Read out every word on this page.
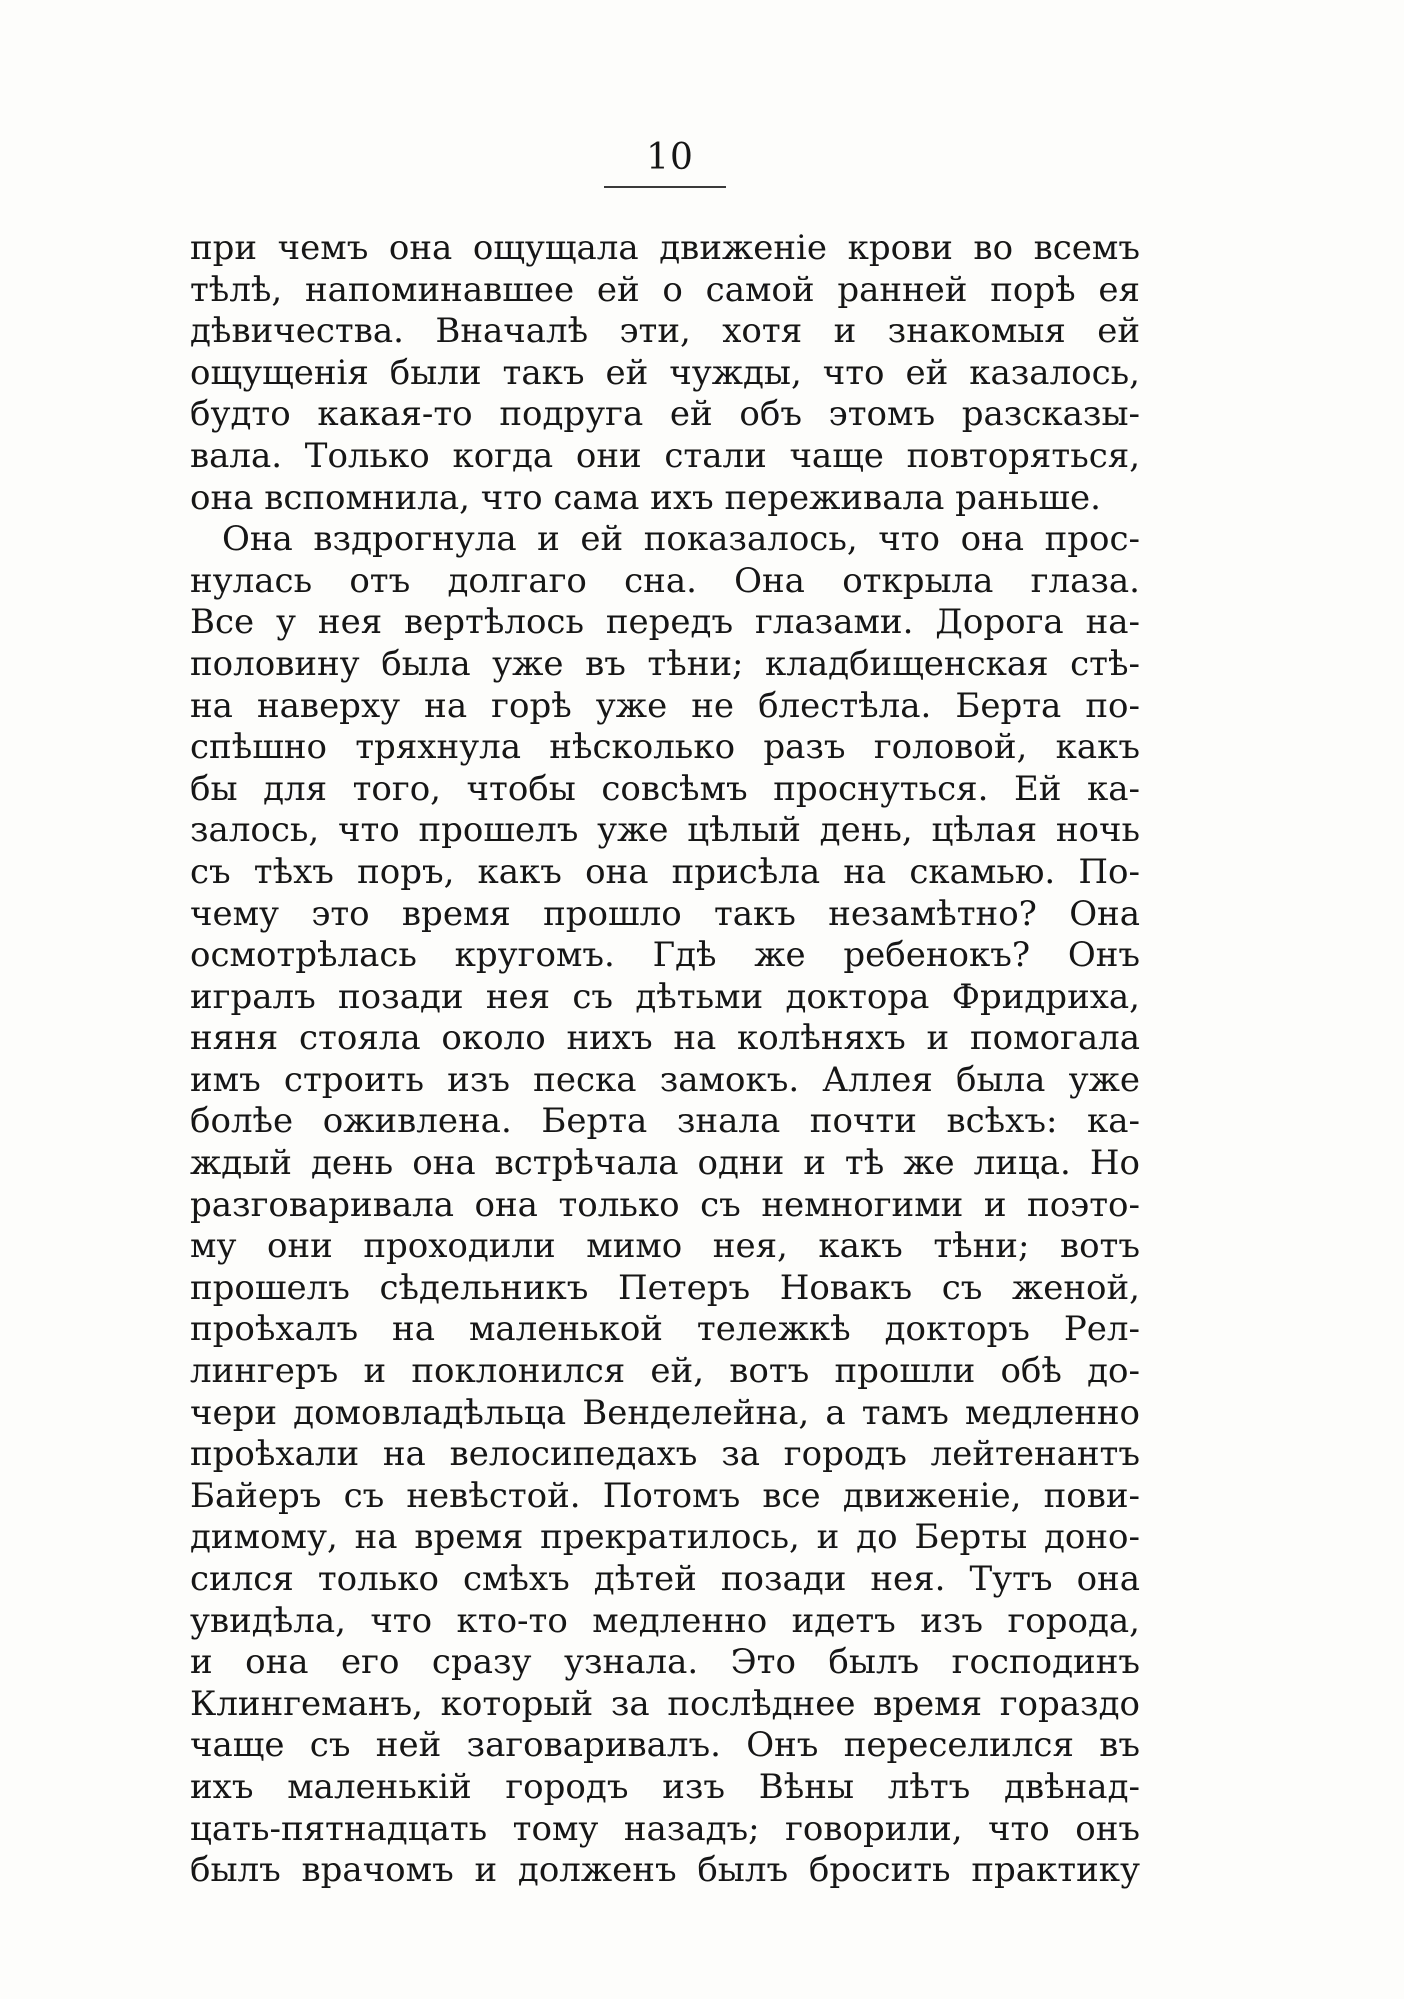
10
при чемъ она ощущала движеніе крови во всемъ
тѣлѣ, напоминавшее ей о самой ранней порѣ ея
дѣвичества. Вначалѣ эти, хотя и знакомыя ей
ощущенія были такъ ей чужды, что ей казалось,
будто какая-то подруга ей объ этомъ разсказы-
вала. Только когда они стали чаще повторяться,
она вспомнила, что сама ихъ переживала раньше.
Она вздрогнула и ей показалось, что она прос-
нулась отъ долгаго сна. Она открыла глаза.
Все у нея вертѣлось передъ глазами. Дорога на-
половину была уже въ тѣни; кладбищенская стѣ-
на наверху на горѣ уже не блестѣла. Берта по-
спѣшно тряхнула нѣсколько разъ головой, какъ
бы для того, чтобы совсѣмъ проснуться. Ей ка-
залось, что прошелъ уже цѣлый день, цѣлая ночь
съ тѣхъ поръ, какъ она присѣла на скамью. По-
чему это время прошло такъ незамѣтно? Она
осмотрѣлась кругомъ. Гдѣ же ребенокъ? Онъ
игралъ позади нея съ дѣтьми доктора Фридриха,
няня стояла около нихъ на колѣняхъ и помогала
имъ строить изъ песка замокъ. Аллея была уже
болѣе оживлена. Берта знала почти всѣхъ: ка-
ждый день она встрѣчала одни и тѣ же лица. Но
разговаривала она только съ немногими и поэто-
му они проходили мимо нея, какъ тѣни; вотъ
прошелъ сѣдельникъ Петеръ Новакъ съ женой,
проѣхалъ на маленькой тележкѣ докторъ Рел-
лингеръ и поклонился ей, вотъ прошли обѣ до-
чери домовладѣльца Венделейна, а тамъ медленно
проѣхали на велосипедахъ за городъ лейтенантъ
Байеръ съ невѣстой. Потомъ все движеніе, пови-
димому, на время прекратилось, и до Берты доно-
сился только смѣхъ дѣтей позади нея. Тутъ она
увидѣла, что кто-то медленно идетъ изъ города,
и она его сразу узнала. Это былъ господинъ
Клингеманъ, который за послѣднее время гораздо
чаще съ ней заговаривалъ. Онъ переселился въ
ихъ маленькій городъ изъ Вѣны лѣтъ двѣнад-
цать-пятнадцать тому назадъ; говорили, что онъ
былъ врачомъ и долженъ былъ бросить практику
